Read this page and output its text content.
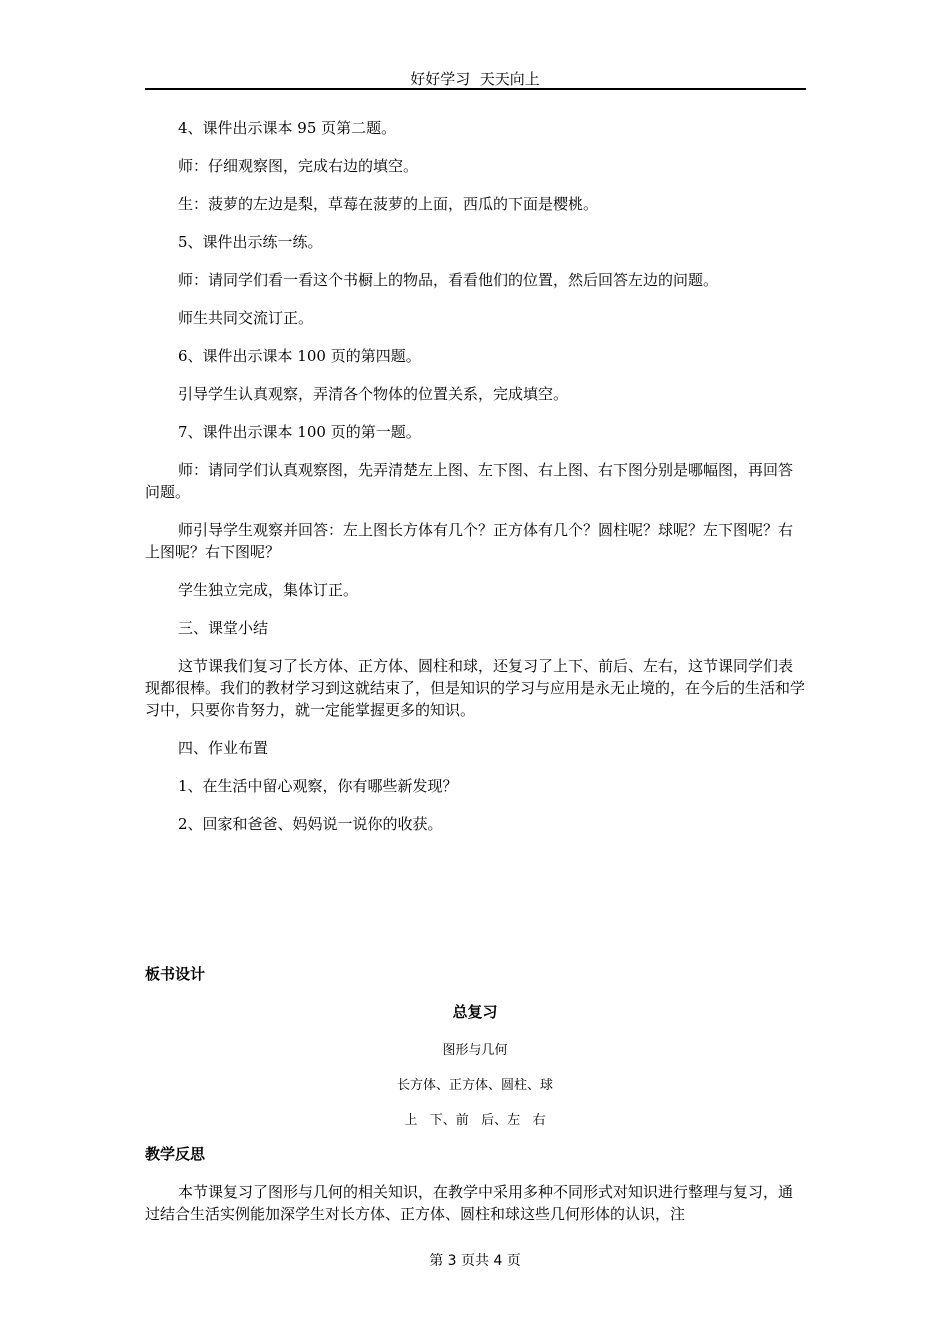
好好学习  天天向上
4、课件出示课本 95 页第二题。
师：仔细观察图，完成右边的填空。
生：菠萝的左边是梨，草莓在菠萝的上面，西瓜的下面是樱桃。
5、课件出示练一练。
师：请同学们看一看这个书橱上的物品，看看他们的位置，然后回答左边的问题。
师生共同交流订正。
6、课件出示课本 100 页的第四题。
引导学生认真观察，弄清各个物体的位置关系，完成填空。
7、课件出示课本 100 页的第一题。
师：请同学们认真观察图，先弄清楚左上图、左下图、右上图、右下图分别是哪幅图，再回答问题。
师引导学生观察并回答：左上图长方体有几个？正方体有几个？圆柱呢？球呢？左下图呢？右上图呢？右下图呢？
学生独立完成，集体订正。
三、课堂小结
这节课我们复习了长方体、正方体、圆柱和球，还复习了上下、前后、左右，这节课同学们表现都很棒。我们的教材学习到这就结束了，但是知识的学习与应用是永无止境的，在今后的生活和学习中，只要你肯努力，就一定能掌握更多的知识。
四、作业布置
1、在生活中留心观察，你有哪些新发现？
2、回家和爸爸、妈妈说一说你的收获。
板书设计
总复习
图形与几何
长方体、正方体、圆柱、球
上   下、前   后、左   右
教学反思
本节课复习了图形与几何的相关知识，在教学中采用多种不同形式对知识进行整理与复习，通过结合生活实例能加深学生对长方体、正方体、圆柱和球这些几何形体的认识，注
第 3 页共 4 页
